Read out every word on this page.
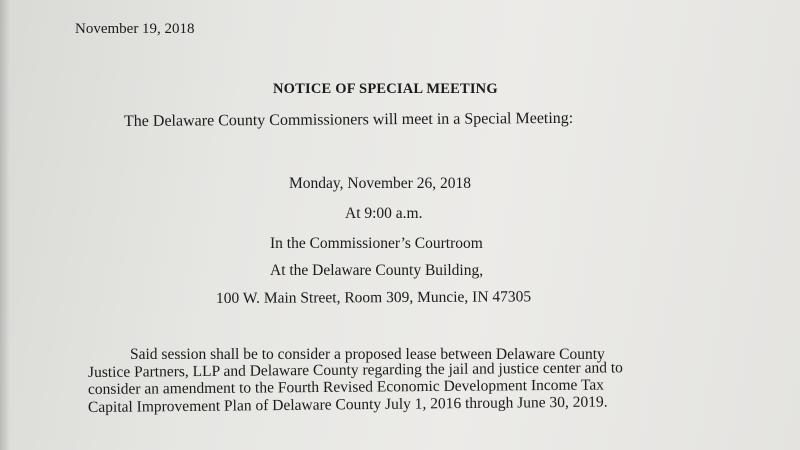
November 19, 2018
NOTICE OF SPECIAL MEETING
The Delaware County Commissioners will meet in a Special Meeting:
Monday, November 26, 2018
At 9:00 a.m.
In the Commissioner’s Courtroom
At the Delaware County Building,
100 W. Main Street, Room 309, Muncie, IN 47305
Said session shall be to consider a proposed lease between Delaware County
Justice Partners, LLP and Delaware County regarding the jail and justice center and to
consider an amendment to the Fourth Revised Economic Development Income Tax
Capital Improvement Plan of Delaware County July 1, 2016 through June 30, 2019.
